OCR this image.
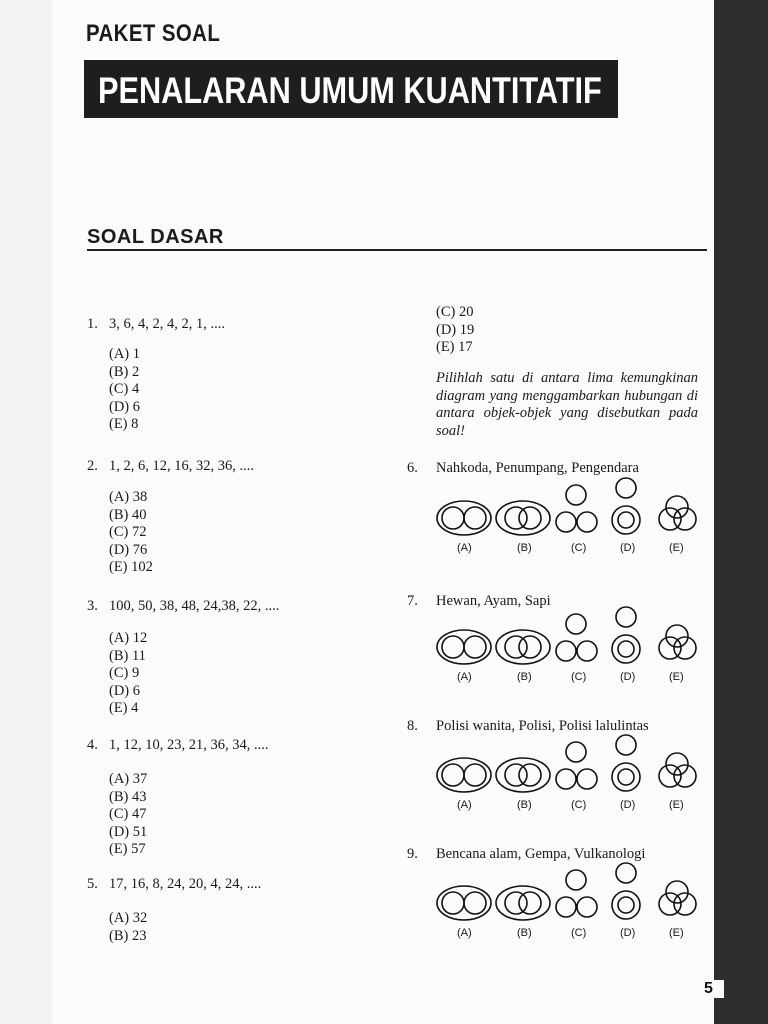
5
PAKET SOAL
PENALARAN UMUM KUANTITATIF
SOAL DASAR
1. 3, 6, 4, 2, 4, 2, 1, ....
(A) 1
(B) 2
(C) 4
(D) 6
(E) 8
2. 1, 2, 6, 12, 16, 32, 36, ....
(A) 38
(B) 40
(C) 72
(D) 76
(E) 102
3. 100, 50, 38, 48, 24,38, 22, ....
(A) 12
(B) 11
(C) 9
(D) 6
(E) 4
4. 1, 12, 10, 23, 21, 36, 34, ....
(A) 37
(B) 43
(C) 47
(D) 51
(E) 57
5. 17, 16, 8, 24, 20, 4, 24, ....
(A) 32
(B) 23
(C) 20
(D) 19
(E) 17
Pilihlah satu di antara lima kemungkinan diagram yang menggambarkan hubungan di antara objek-objek yang disebutkan pada soal!
6. Nahkoda, Penumpang, Pengendara
7. Hewan, Ayam, Sapi
8. Polisi wanita, Polisi, Polisi lalulintas
9. Bencana alam, Gempa, Vulkanologi
(A)	(B)	(C)	(D)	(E)
(A)	(B)	(C)	(D)	(E)
(A)	(B)	(C)	(D)	(E)
(A)	(B)	(C)	(D)	(E)
